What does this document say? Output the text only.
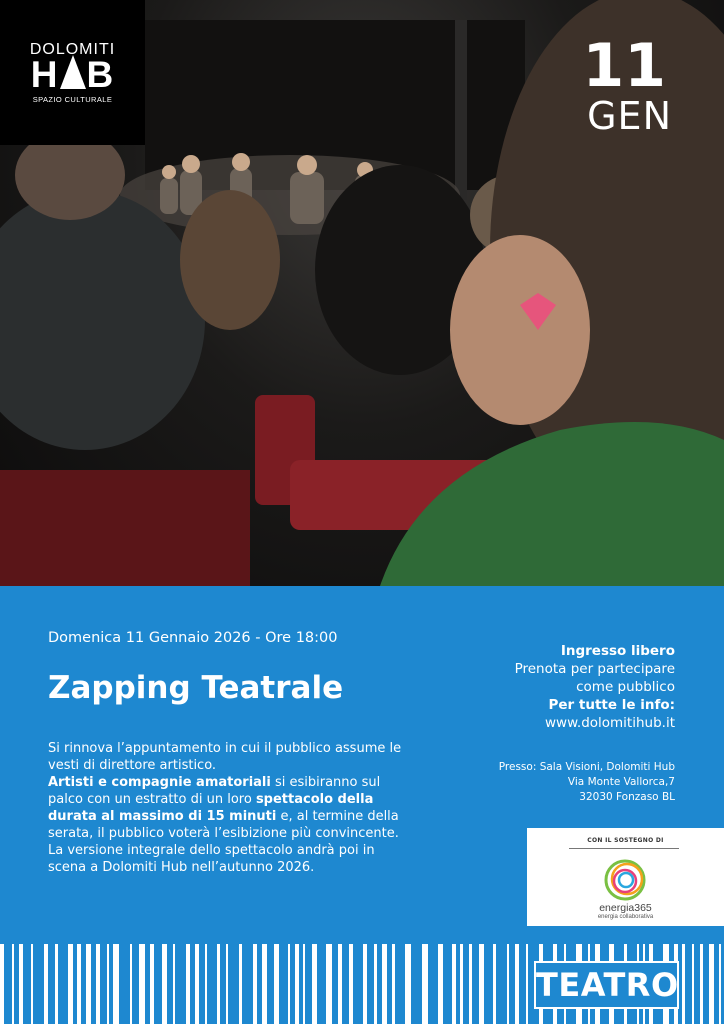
DOLOMITI
H B
SPAZIO CULTURALE	11
GEN
Domenica 11 Gennaio 2026 - Ore 18:00
Zapping Teatrale

Si rinnova l’appuntamento in cui il pubblico assume le vesti di direttore artistico.

Artisti e compagnie amatoriali si esibiranno sul palco con un estratto di un loro spettacolo della durata al massimo di 15 minuti e, al termine della serata, il pubblico voterà l’esibizione più convincente.

La versione integrale dello spettacolo andrà poi in scena a Dolomiti Hub nell’autunno 2026.

Ingresso libero
Prenota per partecipare
come pubblico
Per tutte le info:
www.dolomitihub.it
Presso: Sala Visioni, Dolomiti Hub
Via Monte Vallorca,7
32030 Fonzaso BL
CON IL SOSTEGNO DI
energia365
energia collaborativa
TEATRO
